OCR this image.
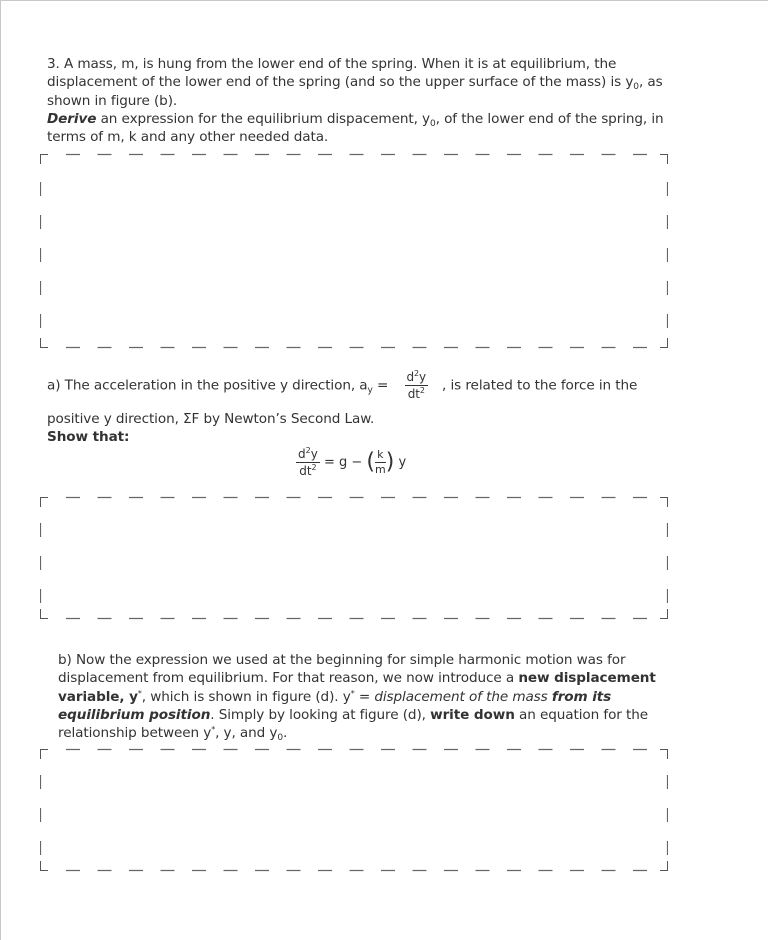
3. A mass, m, is hung from the lower end of the spring. When it is at equilibrium, the

displacement of the lower end of the spring (and so the upper surface of the mass) is $y_0$, as

shown in figure (b).

Derive an expression for the equilibrium dispacement, $y_0$, of the lower end of the spring, in

terms of m, k and any other needed data.

a) The acceleration in the positive y direction, $a_y = \frac{d^2y}{dt^2}$ , is related to the force in the

positive y direction, ΣF by Newton’s Second Law.

Show that:

$\frac{d^2y}{dt^2} = g$ − ( $\frac{k}{m}$ ) y

b) Now the expression we used at the beginning for simple harmonic motion was for

displacement from equilibrium. For that reason, we now introduce a new displacement

variable, y*, which is shown in figure (d). y* = displacement of the mass from its

equilibrium position. Simply by looking at figure (d), write down an equation for the

relationship between y*, y, and $y_0$.
